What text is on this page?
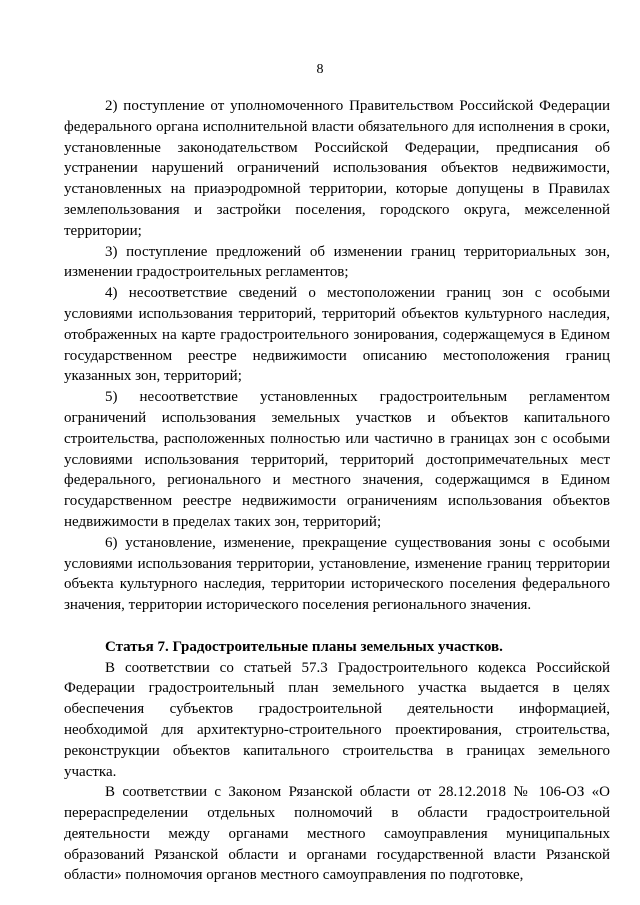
8

2) поступление от уполномоченного Правительством Российской Федерации федерального органа исполнительной власти обязательного для исполнения в сроки, установленные законодательством Российской Федерации, предписания об устранении нарушений ограничений использования объектов недвижимости, установленных на приаэродромной территории, которые допущены в Правилах землепользования и застройки поселения, городского округа, межселенной территории;

3) поступление предложений об изменении границ территориальных зон, изменении градостроительных регламентов;

4) несоответствие сведений о местоположении границ зон с особыми условиями использования территорий, территорий объектов культурного наследия, отображенных на карте градостроительного зонирования, содержащемуся в Едином государственном реестре недвижимости описанию местоположения границ указанных зон, территорий;

5) несоответствие установленных градостроительным регламентом ограничений использования земельных участков и объектов капитального строительства, расположенных полностью или частично в границах зон с особыми условиями использования территорий, территорий достопримечательных мест федерального, регионального и местного значения, содержащимся в Едином государственном реестре недвижимости ограничениям использования объектов недвижимости в пределах таких зон, территорий;

6) установление, изменение, прекращение существования зоны с особыми условиями использования территории, установление, изменение границ территории объекта культурного наследия, территории исторического поселения федерального значения, территории исторического поселения регионального значения.

Статья 7. Градостроительные планы земельных участков.

В соответствии со статьей 57.3 Градостроительного кодекса Российской Федерации градостроительный план земельного участка выдается в целях обеспечения субъектов градостроительной деятельности информацией, необходимой для архитектурно-строительного проектирования, строительства, реконструкции объектов капитального строительства в границах земельного участка.

В соответствии с Законом Рязанской области от 28.12.2018 № 106-ОЗ «О перераспределении отдельных полномочий в области градостроительной деятельности между органами местного самоуправления муниципальных образований Рязанской области и органами государственной власти Рязанской области» полномочия органов местного самоуправления по подготовке,
